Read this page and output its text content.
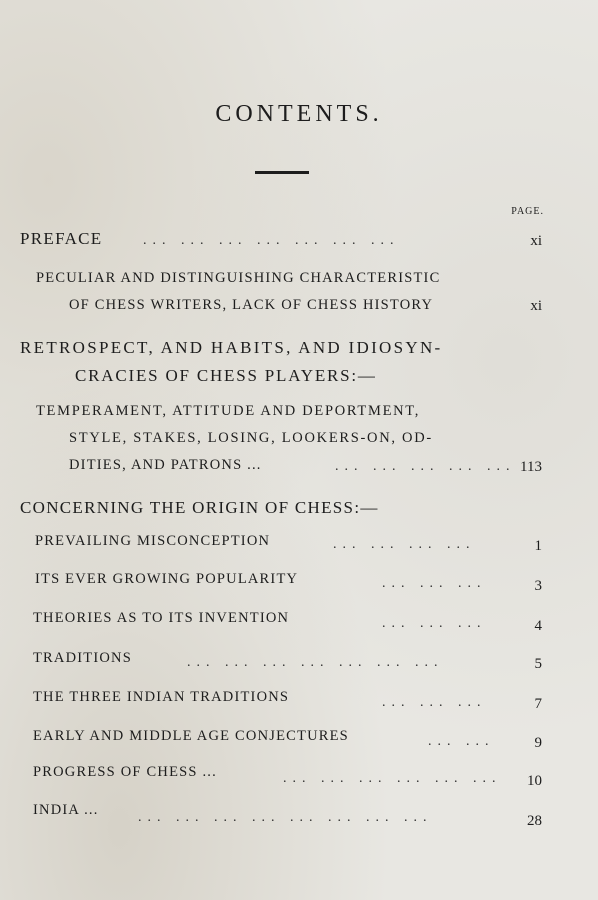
CONTENTS.
PAGE.
PREFACE	... ... ... ... ... ... ...	xi
PECULIAR AND DISTINGUISHING CHARACTERISTIC
OF CHESS WRITERS, LACK OF CHESS HISTORY	xi
RETROSPECT, AND HABITS, AND IDIOSYN-
CRACIES OF CHESS PLAYERS:—
TEMPERAMENT, ATTITUDE AND DEPORTMENT,
STYLE, STAKES, LOSING, LOOKERS-ON, OD-
DITIES, AND PATRONS ...	... ... ... ... ... 113
CONCERNING THE ORIGIN OF CHESS:—
PREVAILING MISCONCEPTION	... ... ... ...	1
ITS EVER GROWING POPULARITY	... ... ...	3
THEORIES AS TO ITS INVENTION	... ... ...	4
TRADITIONS	... ... ... ... ... ... ...	5
THE THREE INDIAN TRADITIONS	... ... ...	7
EARLY AND MIDDLE AGE CONJECTURES	... ...	9
PROGRESS OF CHESS ...	... ... ... ... ... ... 10
INDIA ...	... ... ... ... ... ... ... ...	28
